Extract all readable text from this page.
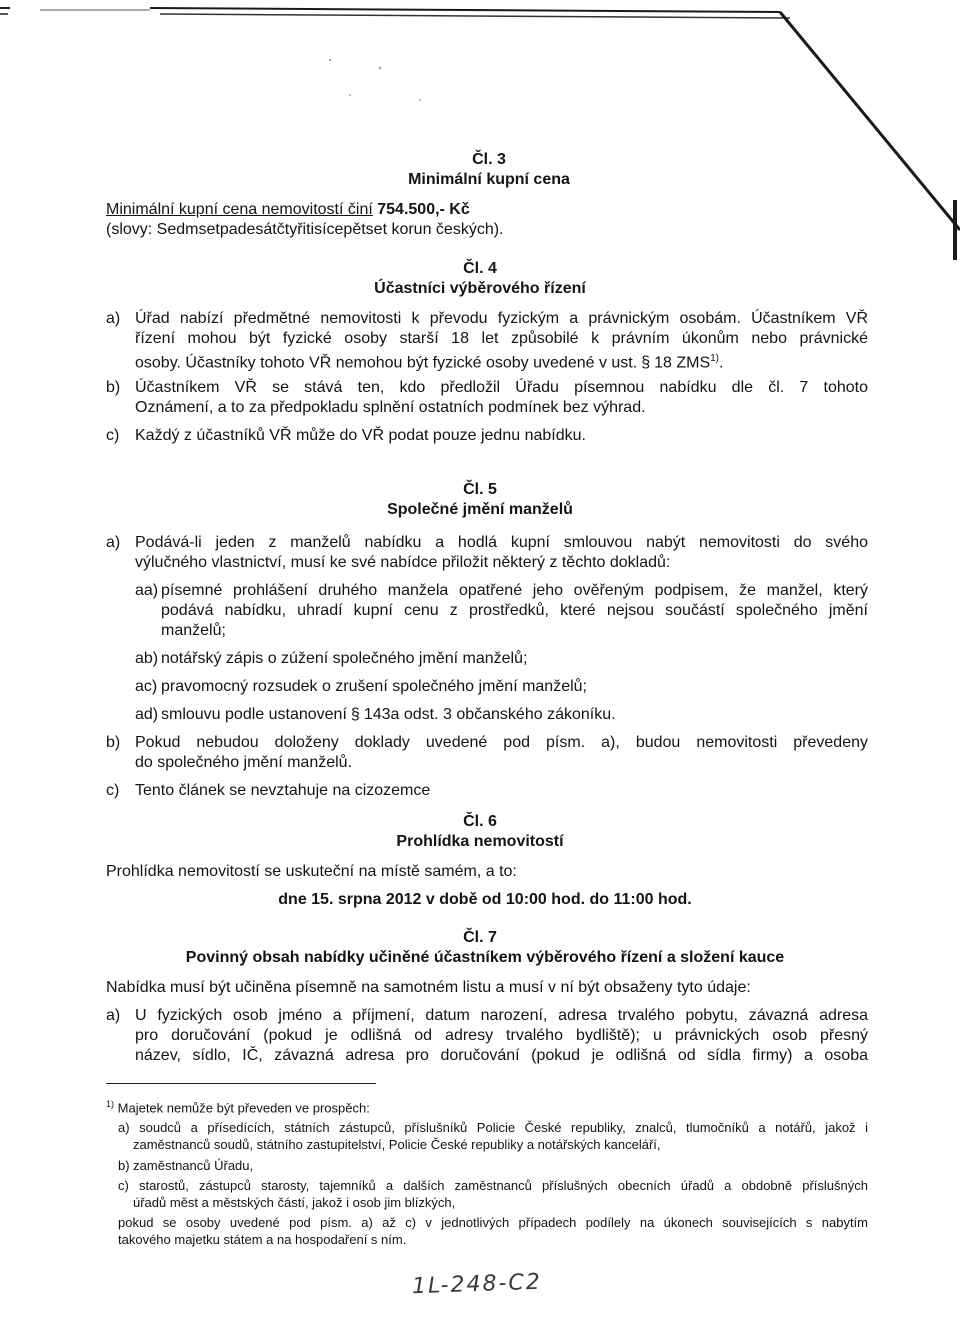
Čl. 3
Minimální kupní cena
Minimální kupní cena nemovitostí činí 754.500,- Kč
(slovy: Sedmsetpadesátčtyřitisícepětset korun českých).
Čl. 4
Účastníci výběrového řízení
a) Úřad nabízí předmětné nemovitosti k převodu fyzickým a právnickým osobám. Účastníkem VŘ
řízení mohou být fyzické osoby starší 18 let způsobilé k právním úkonům nebo právnické
osoby. Účastníky tohoto VŘ nemohou být fyzické osoby uvedené v ust. § 18 ZMS$^{1)}$.
b) Účastníkem VŘ se stává ten, kdo předložil Úřadu písemnou nabídku dle čl. 7 tohoto
Oznámení, a to za předpokladu splnění ostatních podmínek bez výhrad.
c) Každý z účastníků VŘ může do VŘ podat pouze jednu nabídku.
Čl. 5
Společné jmění manželů
a) Podává-li jeden z manželů nabídku a hodlá kupní smlouvou nabýt nemovitosti do svého
výlučného vlastnictví, musí ke své nabídce přiložit některý z těchto dokladů:
aa) písemné prohlášení druhého manžela opatřené jeho ověřeným podpisem, že manžel, který
podává nabídku, uhradí kupní cenu z prostředků, které nejsou součástí společného jmění
manželů;
ab) notářský zápis o zúžení společného jmění manželů;
ac) pravomocný rozsudek o zrušení společného jmění manželů;
ad) smlouvu podle ustanovení § 143a odst. 3 občanského zákoníku.
b) Pokud nebudou doloženy doklady uvedené pod písm. a), budou nemovitosti převedeny
do společného jmění manželů.
c) Tento článek se nevztahuje na cizozemce
Čl. 6
Prohlídka nemovitostí
Prohlídka nemovitostí se uskuteční na místě samém, a to:
dne 15. srpna 2012 v době od 10:00 hod. do 11:00 hod.
Čl. 7
Povinný obsah nabídky učiněné účastníkem výběrového řízení a složení kauce
Nabídka musí být učiněna písemně na samotném listu a musí v ní být obsaženy tyto údaje:
a) U fyzických osob jméno a příjmení, datum narození, adresa trvalého pobytu, závazná adresa
pro doručování (pokud je odlišná od adresy trvalého bydliště); u právnických osob přesný
název, sídlo, IČ, závazná adresa pro doručování (pokud je odlišná od sídla firmy) a osoba
$^{1)}$ Majetek nemůže být převeden ve prospěch:
a) soudců a přísedících, státních zástupců, příslušníků Policie České republiky, znalců, tlumočníků a notářů, jakož i
zaměstnanců soudů, státního zastupitelství, Policie České republiky a notářských kanceláří,
b) zaměstnanců Úřadu,
c) starostů, zástupců starosty, tajemníků a dalších zaměstnanců příslušných obecních úřadů a obdobně příslušných
úřadů měst a městských částí, jakož i osob jim blízkých,
pokud se osoby uvedené pod písm. a) až c) v jednotlivých případech podílely na úkonech souvisejících s nabytím
takového majetku státem a na hospodaření s ním.
1L-248-C2
